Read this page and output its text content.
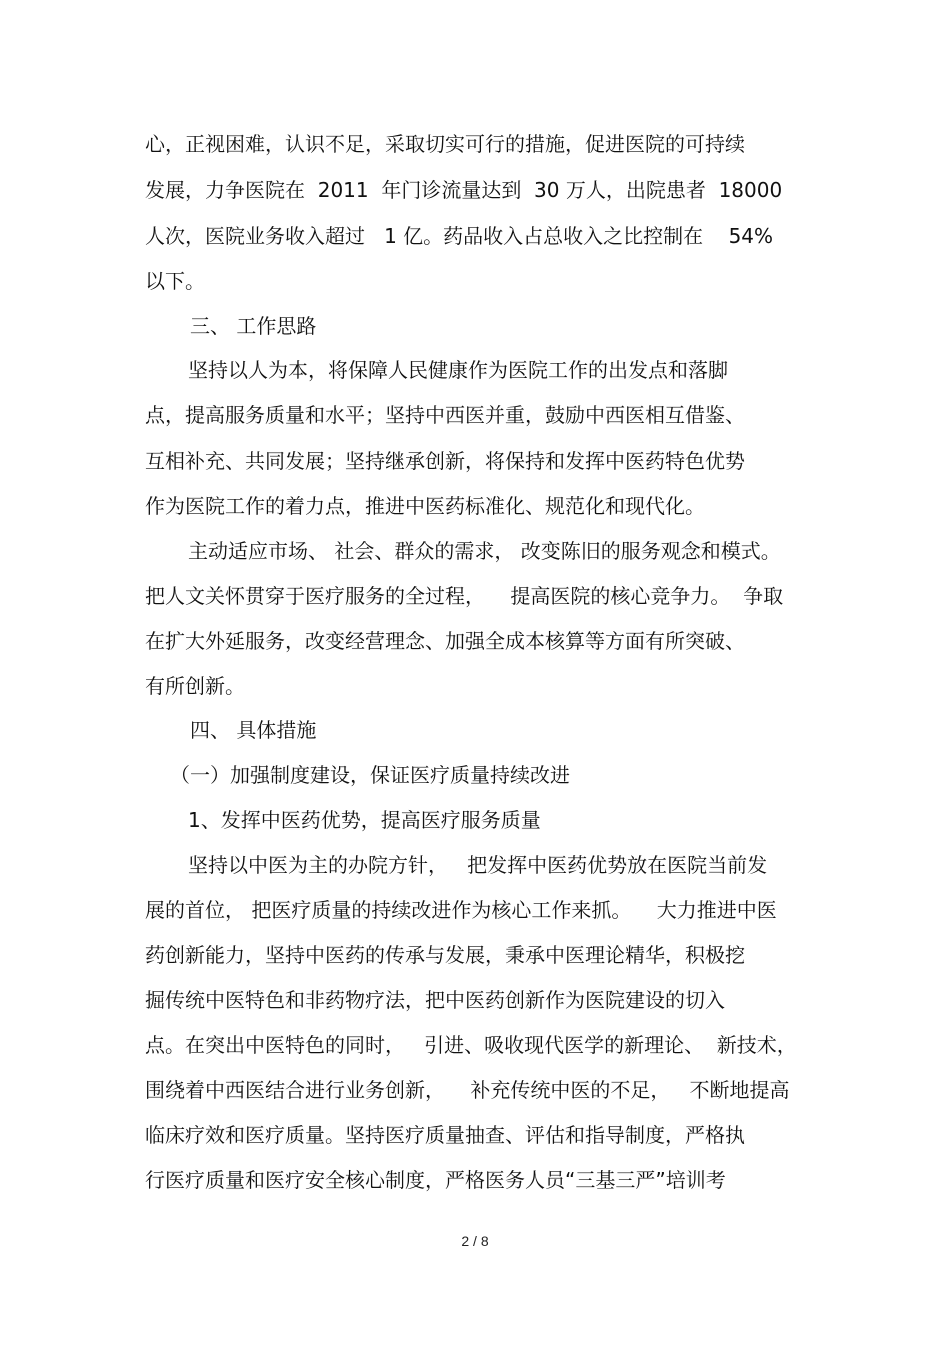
心，正视困难，认识不足，采取切实可行的措施，促进医院的可持续
发展，力争医院在  2011  年门诊流量达到  30 万人，出院患者  18000
人次，医院业务收入超过   1 亿。药品收入占总收入之比控制在    54%
以下。
三、 工作思路
坚持以人为本，将保障人民健康作为医院工作的出发点和落脚
点，提高服务质量和水平；坚持中西医并重，鼓励中西医相互借鉴、
互相补充、共同发展；坚持继承创新，将保持和发挥中医药特色优势
作为医院工作的着力点，推进中医药标准化、规范化和现代化。
主动适应市场、 社会、群众的需求， 改变陈旧的服务观念和模式。
把人文关怀贯穿于医疗服务的全过程，    提高医院的核心竞争力。  争取
在扩大外延服务，改变经营理念、加强全成本核算等方面有所突破、
有所创新。
四、 具体措施
（一）加强制度建设，保证医疗质量持续改进
1、发挥中医药优势，提高医疗服务质量
坚持以中医为主的办院方针，   把发挥中医药优势放在医院当前发
展的首位， 把医疗质量的持续改进作为核心工作来抓。    大力推进中医
药创新能力，坚持中医药的传承与发展，秉承中医理论精华，积极挖
掘传统中医特色和非药物疗法，把中医药创新作为医院建设的切入
点。在突出中医特色的同时，   引进、吸收现代医学的新理论、  新技术，
围绕着中西医结合进行业务创新，    补充传统中医的不足，   不断地提高
临床疗效和医疗质量。坚持医疗质量抽查、评估和指导制度，严格执
行医疗质量和医疗安全核心制度，严格医务人员“三基三严”培训考
2 / 8
